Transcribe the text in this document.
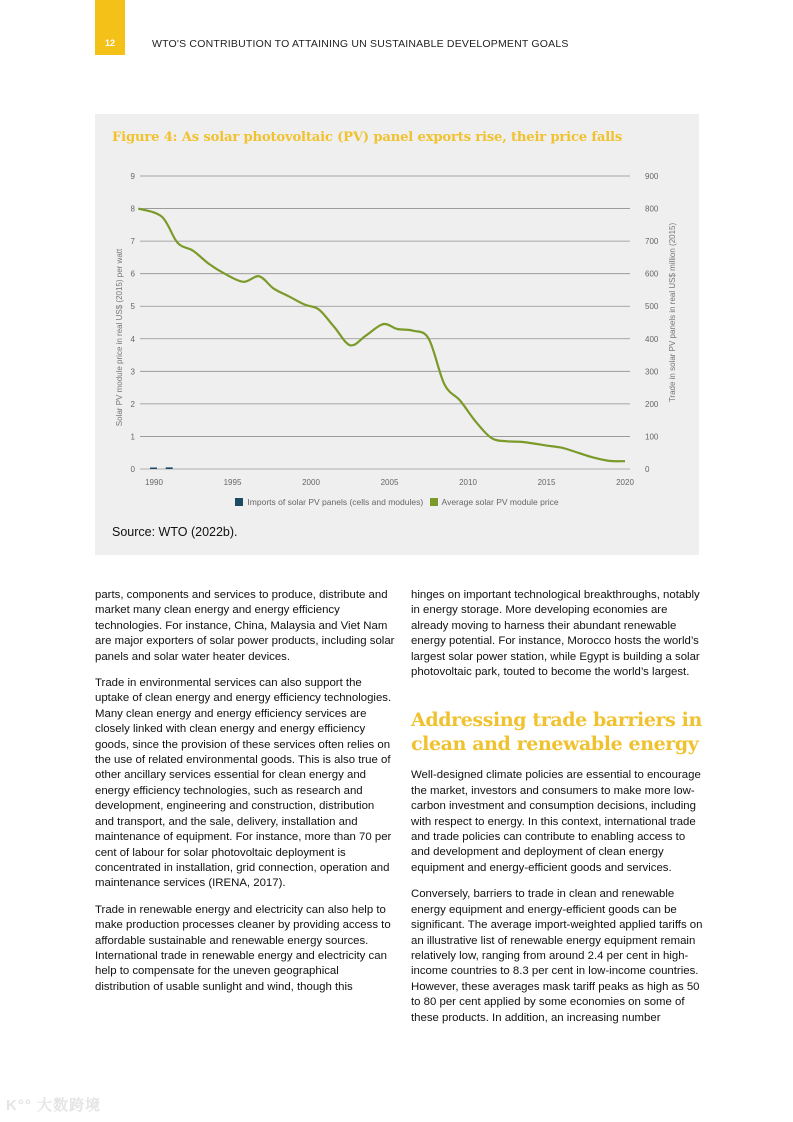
12	WTO'S CONTRIBUTION TO ATTAINING UN SUSTAINABLE DEVELOPMENT GOALS
Figure 4: As solar photovoltaic (PV) panel exports rise, their price falls
0
1
2
3
4
5
6
7
8
9
0
100
200
300
400
500
600
700
800
900
1990	1995	2000	2005	2010	2015	2020
Solar PV module price in real US$ (2015) per watt	Trade in solar PV panels in real US$ million (2015)
Imports of solar PV panels (cells and modules)
Average solar PV module price
Source: WTO (2022b).

parts, components and services to produce, distribute and market many clean energy and energy efficiency technologies. For instance, China, Malaysia and Viet Nam are major exporters of solar power products, including solar panels and solar water heater devices.

Trade in environmental services can also support the uptake of clean energy and energy efficiency technologies. Many clean energy and energy efficiency services are closely linked with clean energy and energy efficiency goods, since the provision of these services often relies on the use of related environmental goods. This is also true of other ancillary services essential for clean energy and energy efficiency technologies, such as research and development, engineering and construction, distribution and transport, and the sale, delivery, installation and maintenance of equipment. For instance, more than 70 per cent of labour for solar photovoltaic deployment is concentrated in installation, grid connection, operation and maintenance services (IRENA, 2017).

Trade in renewable energy and electricity can also help to make production processes cleaner by providing access to affordable sustainable and renewable energy sources. International trade in renewable energy and electricity can help to compensate for the uneven geographical distribution of usable sunlight and wind, though this

hinges on important technological breakthroughs, notably in energy storage. More developing economies are already moving to harness their abundant renewable energy potential. For instance, Morocco hosts the world’s largest solar power station, while Egypt is building a solar photovoltaic park, touted to become the world’s largest.

Addressing trade barriers in clean and renewable energy

Well-designed climate policies are essential to encourage the market, investors and consumers to make more low-carbon investment and consumption decisions, including with respect to energy. In this context, international trade and trade policies can contribute to enabling access to and development and deployment of clean energy equipment and energy-efficient goods and services.

Conversely, barriers to trade in clean and renewable energy equipment and energy-efficient goods can be significant. The average import-weighted applied tariffs on an illustrative list of renewable energy equipment remain relatively low, ranging from around 2.4 per cent in high-income countries to 8.3 per cent in low-income countries. However, these averages mask tariff peaks as high as 50 to 80 per cent applied by some economies on some of these products. In addition, an increasing number

K°° 大数跨境
